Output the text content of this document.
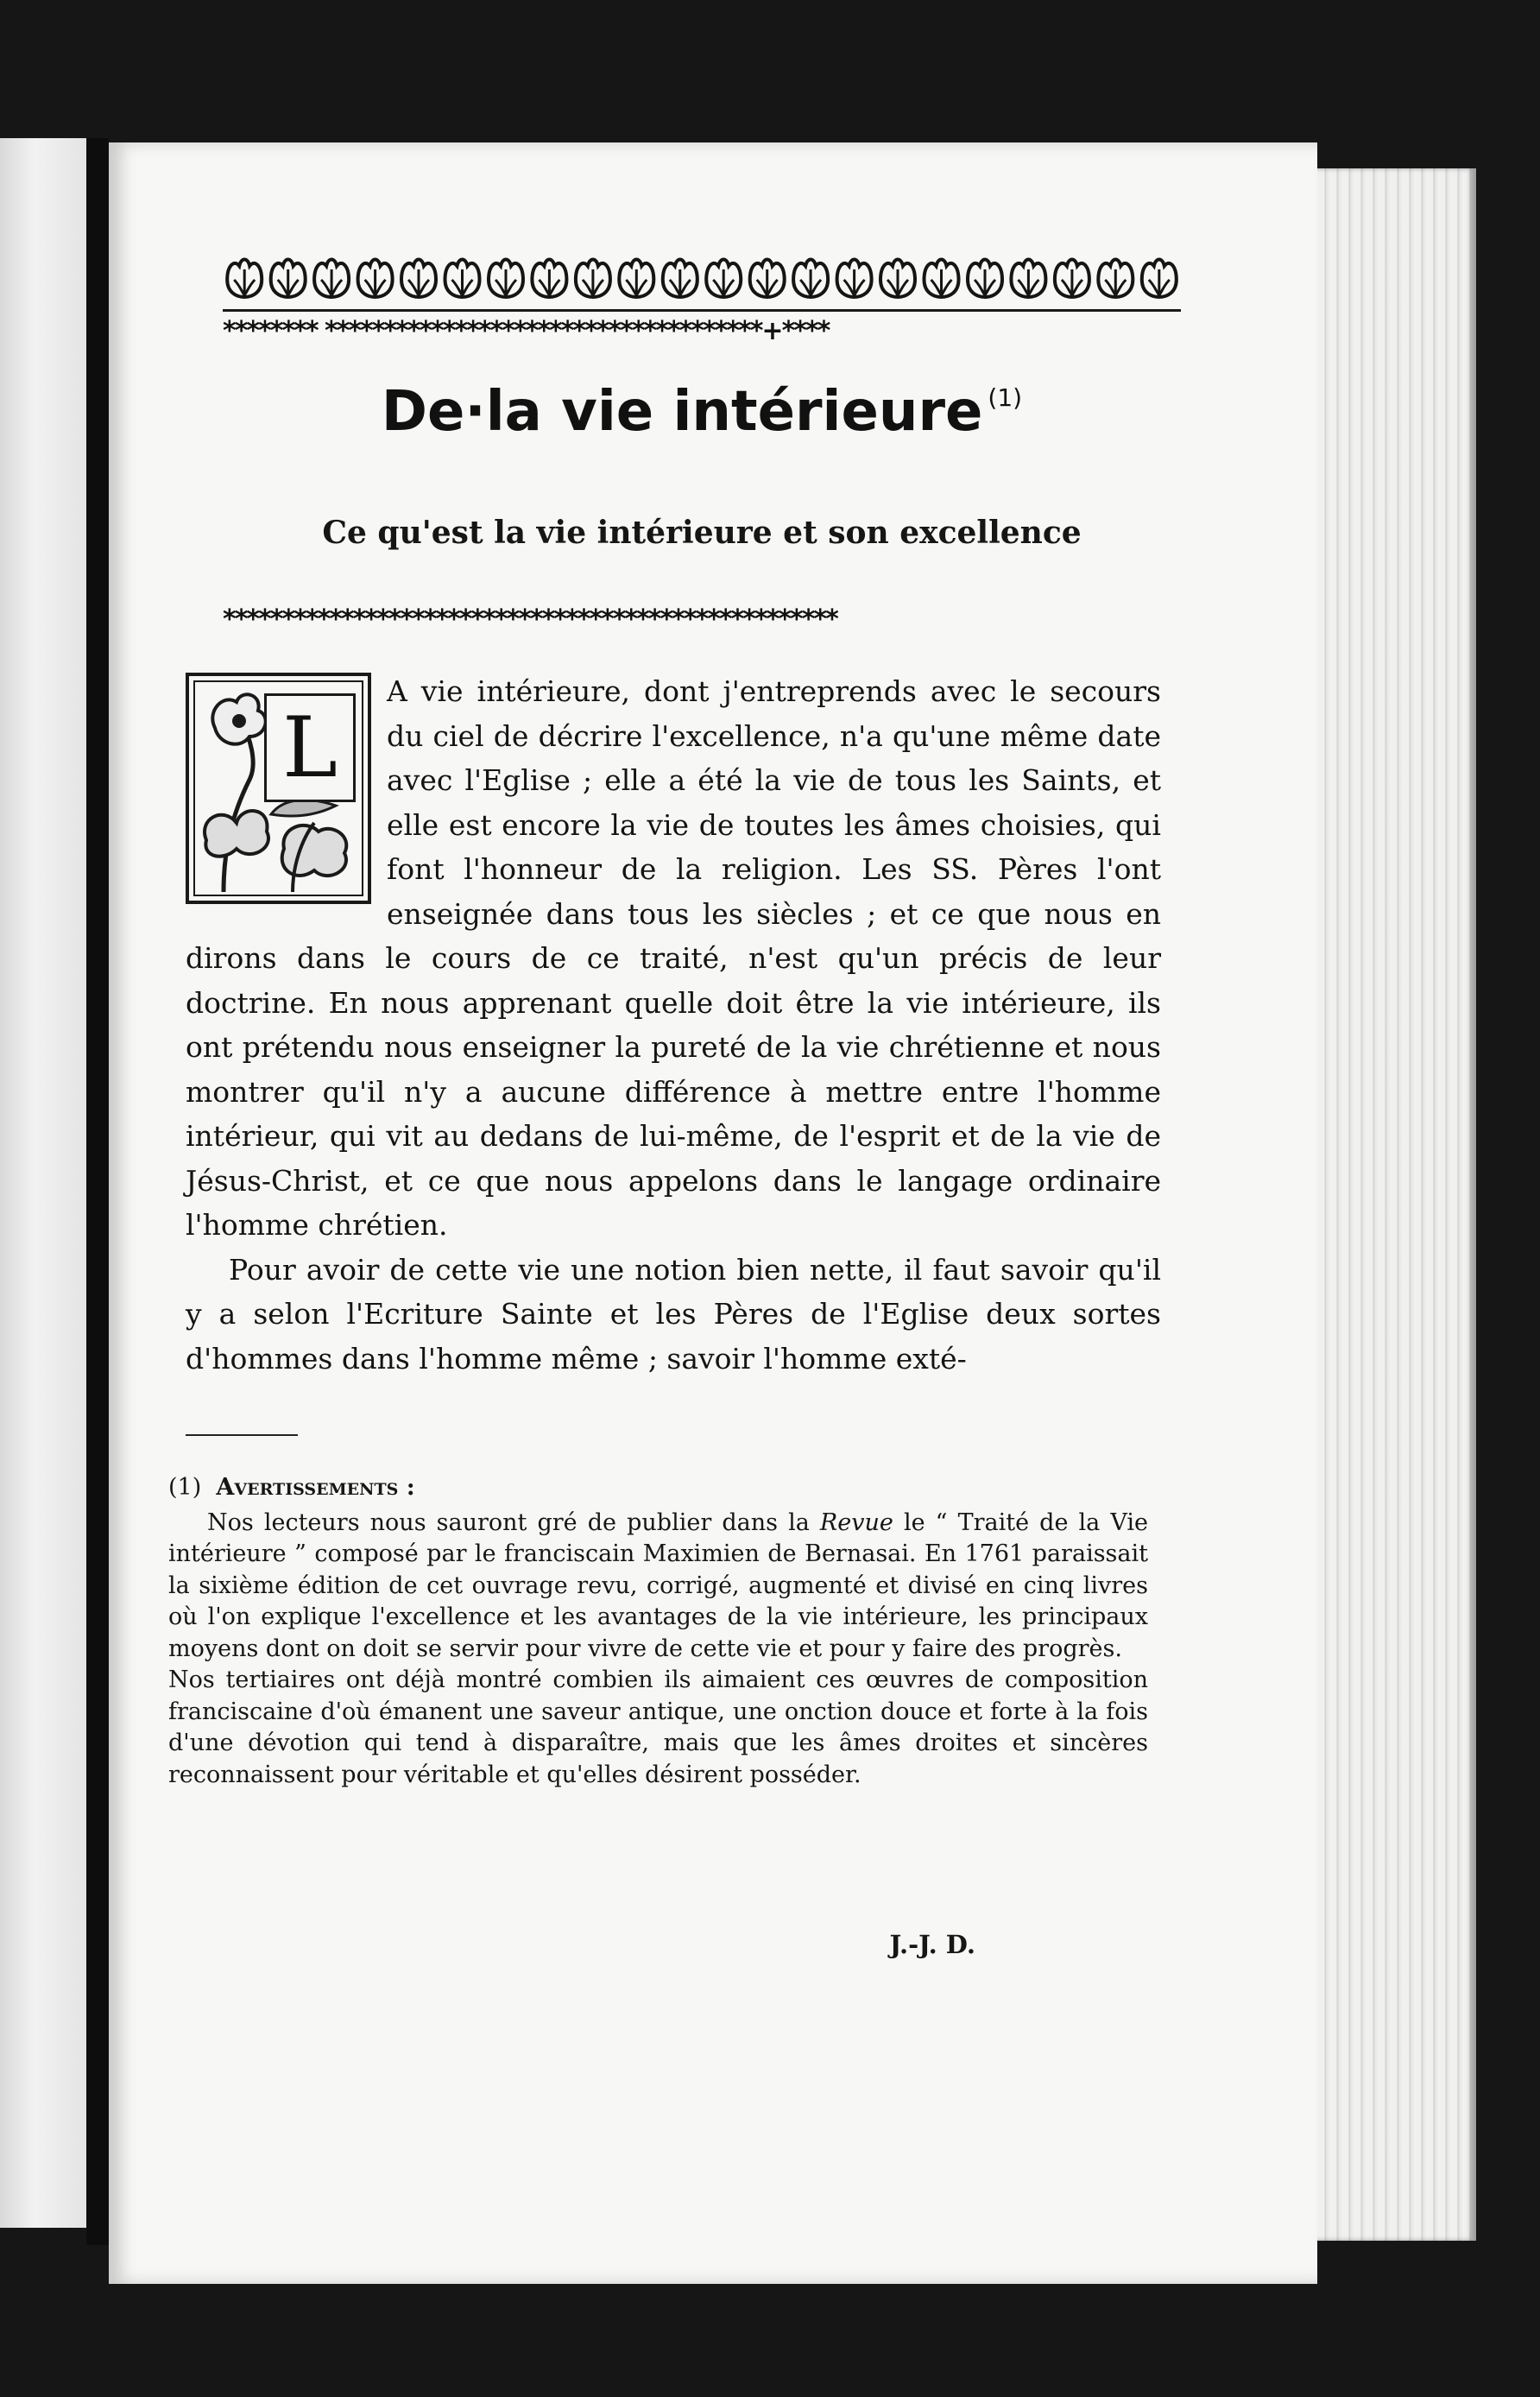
******** *************************************+****
De·la vie intérieure $^{(1)}$
Ce qu'est la vie intérieure et son excellence
****************************************************
L

A vie intérieure, dont j'entreprends avec le secours du ciel de décrire l'excellence, n'a qu'une même date avec l'Eglise ; elle a été la vie de tous les Saints, et elle est encore la vie de toutes les âmes choisies, qui font l'honneur de la religion. Les SS. Pères l'ont enseignée dans tous les siècles ; et ce que nous en dirons dans le cours de ce traité, n'est qu'un précis de leur doctrine. En nous apprenant quelle doit être la vie intérieure, ils ont prétendu nous enseigner la pureté de la vie chrétienne et nous montrer qu'il n'y a aucune différence à mettre entre l'homme intérieur, qui vit au dedans de lui-même, de l'esprit et de la vie de Jésus-Christ, et ce que nous appelons dans le langage ordinaire l'homme chrétien.

Pour avoir de cette vie une notion bien nette, il faut savoir qu'il y a selon l'Ecriture Sainte et les Pères de l'Eglise deux sortes d'hommes dans l'homme même ; savoir l'homme exté-

(1) Avertissements :

Nos lecteurs nous sauront gré de publier dans la Revue le “ Traité de la Vie intérieure ” composé par le franciscain Maximien de Bernasai. En 1761 paraissait la sixième édition de cet ouvrage revu, corrigé, augmenté et divisé en cinq livres où l'on explique l'excellence et les avantages de la vie intérieure, les principaux moyens dont on doit se servir pour vivre de cette vie et pour y faire des progrès.

Nos tertiaires ont déjà montré combien ils aimaient ces œuvres de composition franciscaine d'où émanent une saveur antique, une onction douce et forte à la fois d'une dévotion qui tend à disparaître, mais que les âmes droites et sincères reconnaissent pour véritable et qu'elles désirent posséder.

J.-J. D.
